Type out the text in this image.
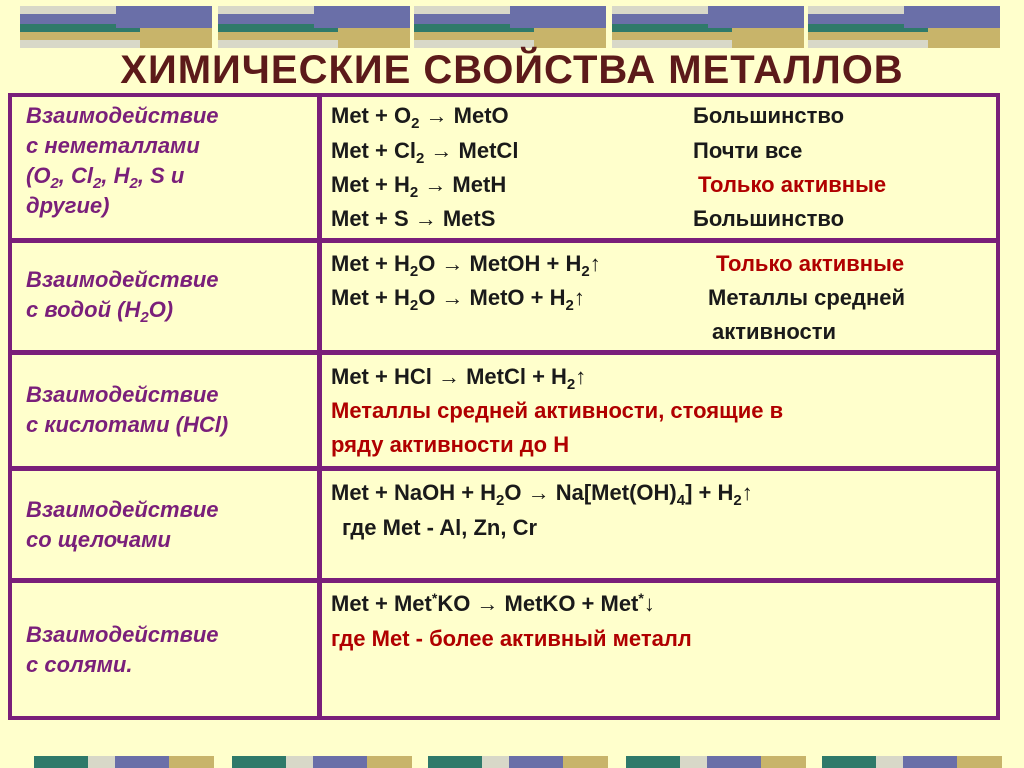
ХИМИЧЕСКИЕ СВОЙСТВА МЕТАЛЛОВ
Взаимодействие
с неметаллами
($O_2$, $Cl_2$, $H_2$, S и
другие)
Met + $O_2$ → MetO	Большинство
Met + $Cl_2$ → MetCl	Почти все
Met + $H_2$ → MetH	Только активные
Met + S → MetS	Большинство
Взаимодействие
с водой $(H_2O)$
Met + $H_2O$ → MetOH + $H_2↑$	Только активные
Met + $H_2O$ → MetO + $H_2↑$	Металлы средней
активности
Взаимодействие
с кислотами (HCl)
Met + HCl → MetCl + $H_2↑$
Металлы средней активности, стоящие в
ряду активности до H
Взаимодействие
со щелочами
Met + NaOH + $H_2O \to Na[Met(OH)_4]$ + $H_2↑$
где Met - Al, Zn, Cr
Взаимодействие
с солями.
Met + Met*KO → MetKO + Met*↓
где Met - более активный металл
